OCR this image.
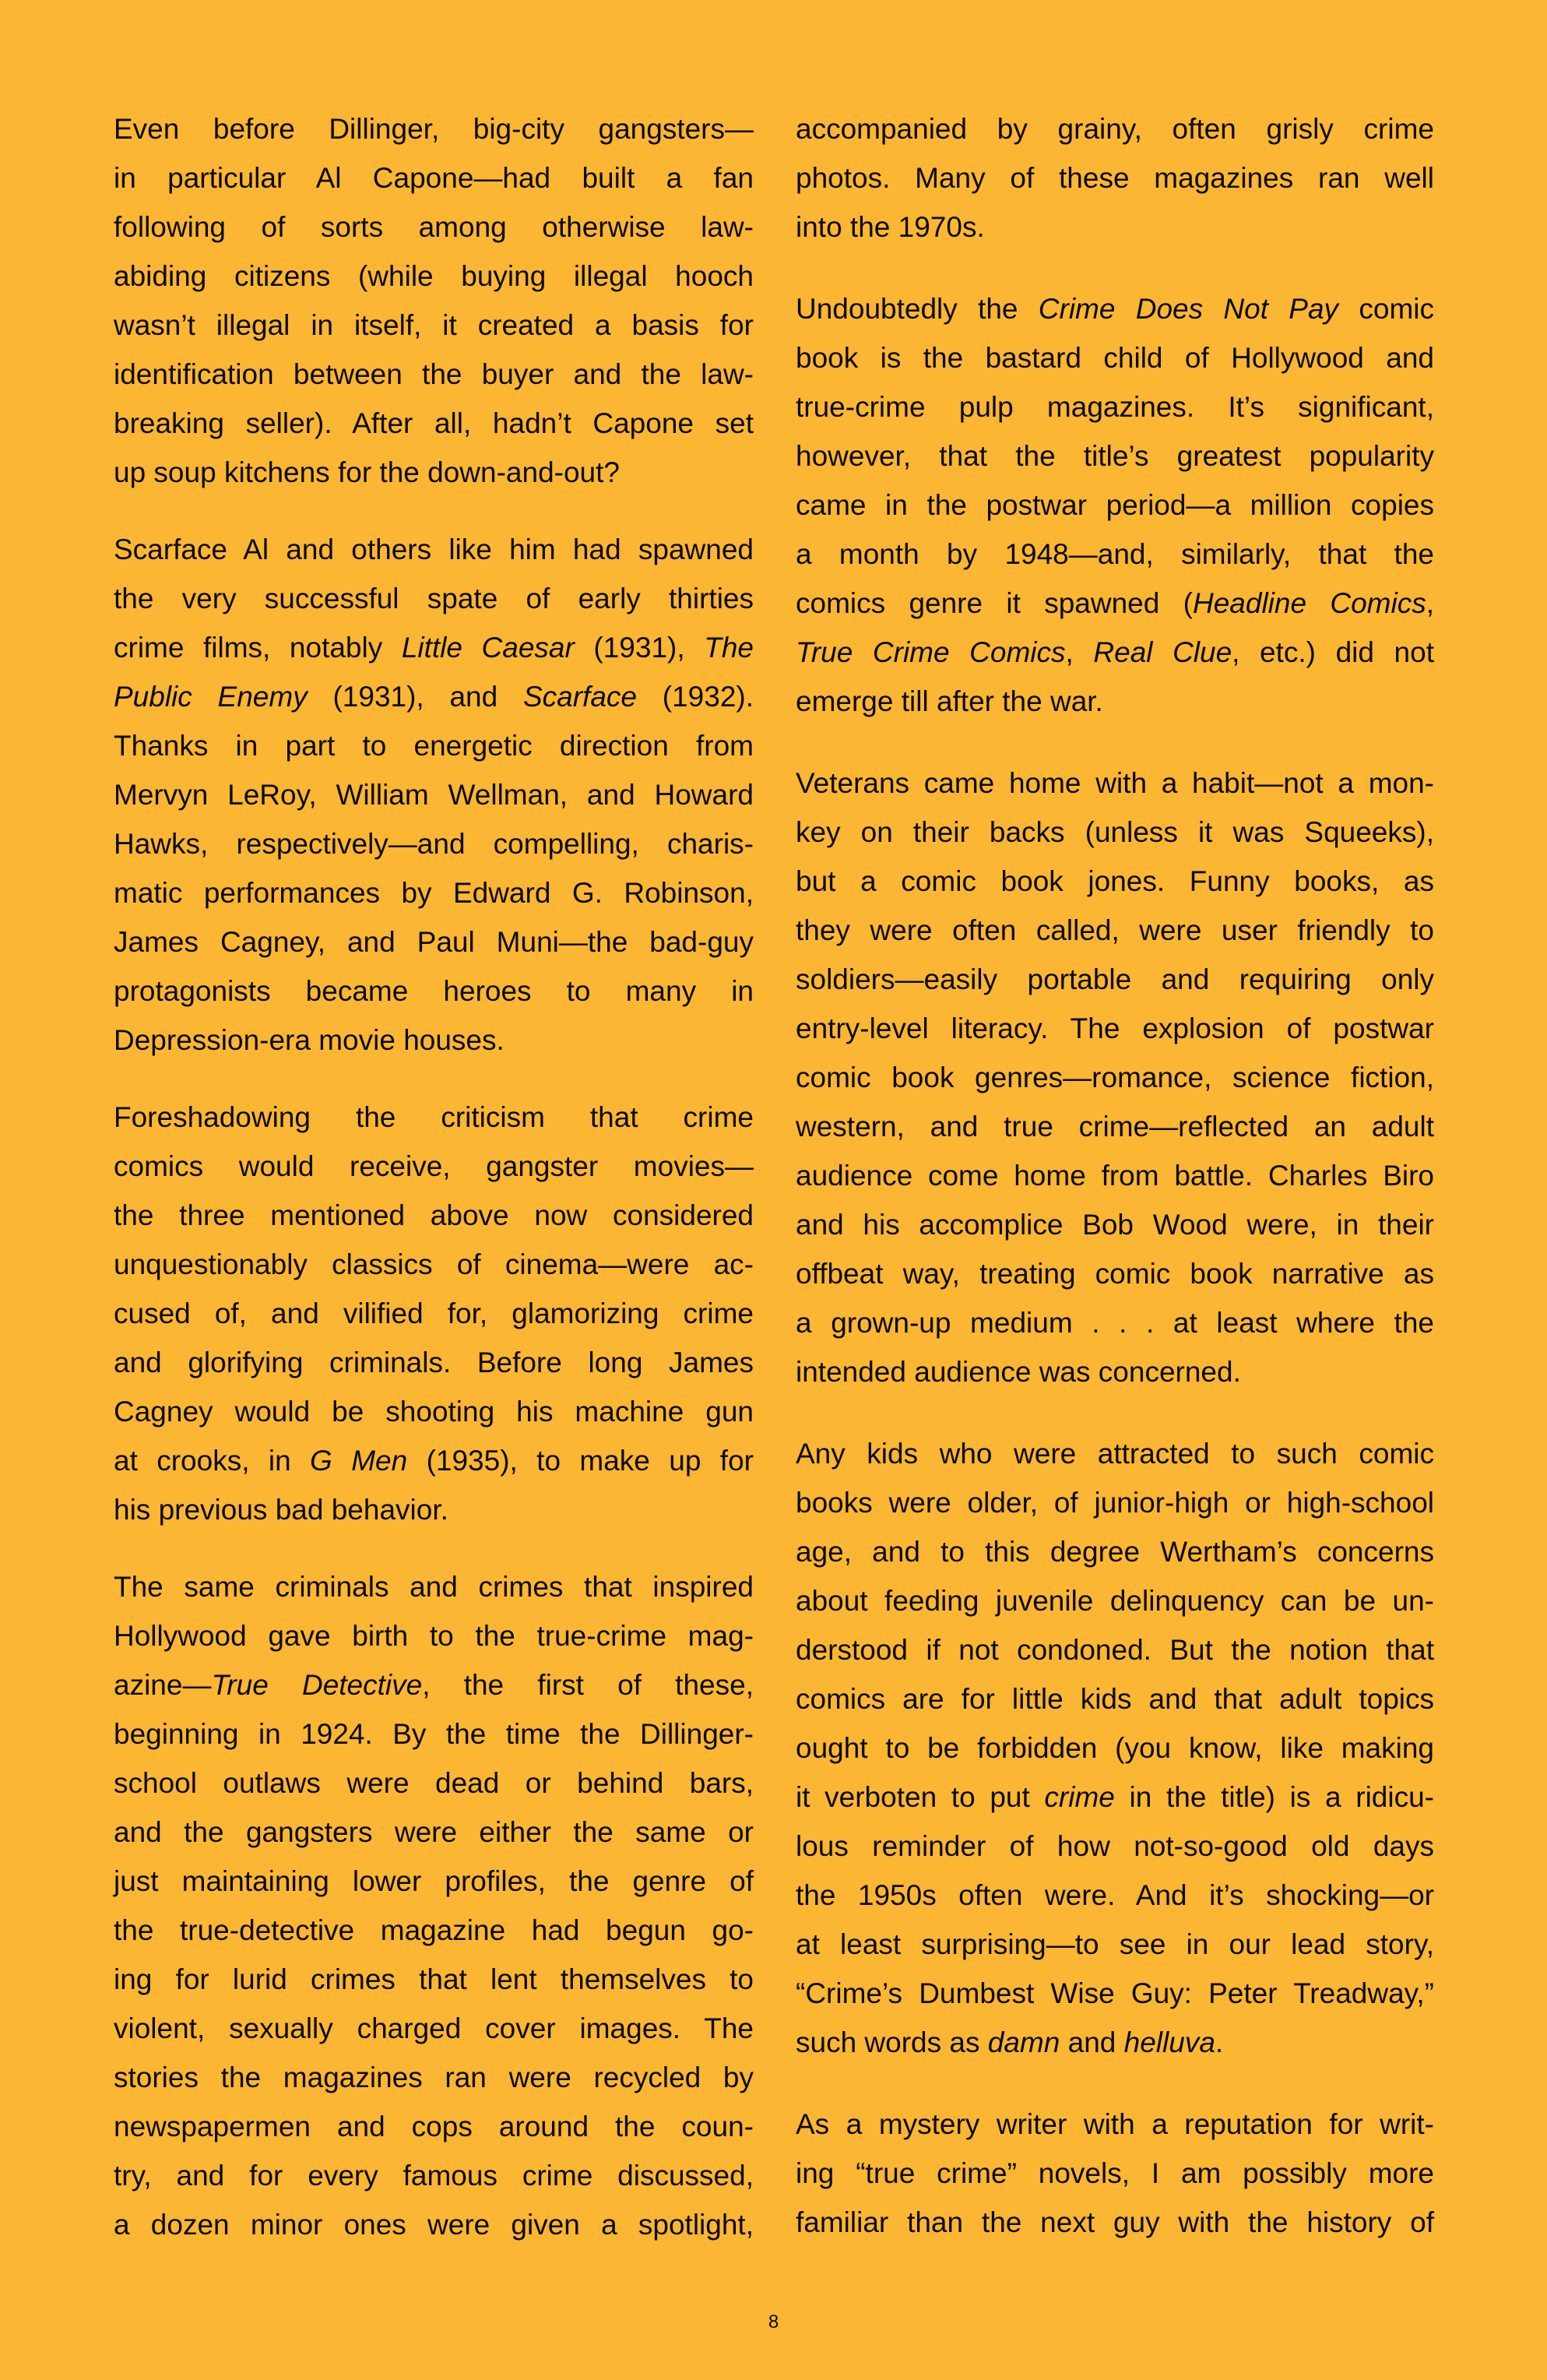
Even before Dillinger, big-city gangsters—
in particular Al Capone—had built a fan
following of sorts among otherwise law-
abiding citizens (while buying illegal hooch
wasn’t illegal in itself, it created a basis for
identification between the buyer and the law-
breaking seller). After all, hadn’t Capone set
up soup kitchens for the down-and-out?
Scarface Al and others like him had spawned
the very successful spate of early thirties
crime films, notably Little Caesar (1931), The
Public Enemy (1931), and Scarface (1932).
Thanks in part to energetic direction from
Mervyn LeRoy, William Wellman, and Howard
Hawks, respectively—and compelling, charis-
matic performances by Edward G. Robinson,
James Cagney, and Paul Muni—the bad-guy
protagonists became heroes to many in
Depression-era movie houses.
Foreshadowing the criticism that crime
comics would receive, gangster movies—
the three mentioned above now considered
unquestionably classics of cinema—were ac-
cused of, and vilified for, glamorizing crime
and glorifying criminals. Before long James
Cagney would be shooting his machine gun
at crooks, in G Men (1935), to make up for
his previous bad behavior.
The same criminals and crimes that inspired
Hollywood gave birth to the true-crime mag-
azine—True Detective, the first of these,
beginning in 1924. By the time the Dillinger-
school outlaws were dead or behind bars,
and the gangsters were either the same or
just maintaining lower profiles, the genre of
the true-detective magazine had begun go-
ing for lurid crimes that lent themselves to
violent, sexually charged cover images. The
stories the magazines ran were recycled by
newspapermen and cops around the coun-
try, and for every famous crime discussed,
a dozen minor ones were given a spotlight,
accompanied by grainy, often grisly crime
photos. Many of these magazines ran well
into the 1970s.
Undoubtedly the Crime Does Not Pay comic
book is the bastard child of Hollywood and
true-crime pulp magazines. It’s significant,
however, that the title’s greatest popularity
came in the postwar period—a million copies
a month by 1948—and, similarly, that the
comics genre it spawned (Headline Comics,
True Crime Comics, Real Clue, etc.) did not
emerge till after the war.
Veterans came home with a habit—not a mon-
key on their backs (unless it was Squeeks),
but a comic book jones. Funny books, as
they were often called, were user friendly to
soldiers—easily portable and requiring only
entry-level literacy. The explosion of postwar
comic book genres—romance, science fiction,
western, and true crime—reflected an adult
audience come home from battle. Charles Biro
and his accomplice Bob Wood were, in their
offbeat way, treating comic book narrative as
a grown-up medium . . . at least where the
intended audience was concerned.
Any kids who were attracted to such comic
books were older, of junior-high or high-school
age, and to this degree Wertham’s concerns
about feeding juvenile delinquency can be un-
derstood if not condoned. But the notion that
comics are for little kids and that adult topics
ought to be forbidden (you know, like making
it verboten to put crime in the title) is a ridicu-
lous reminder of how not-so-good old days
the 1950s often were. And it’s shocking—or
at least surprising—to see in our lead story,
“Crime’s Dumbest Wise Guy: Peter Treadway,”
such words as damn and helluva.
As a mystery writer with a reputation for writ-
ing “true crime” novels, I am possibly more
familiar than the next guy with the history of
8
